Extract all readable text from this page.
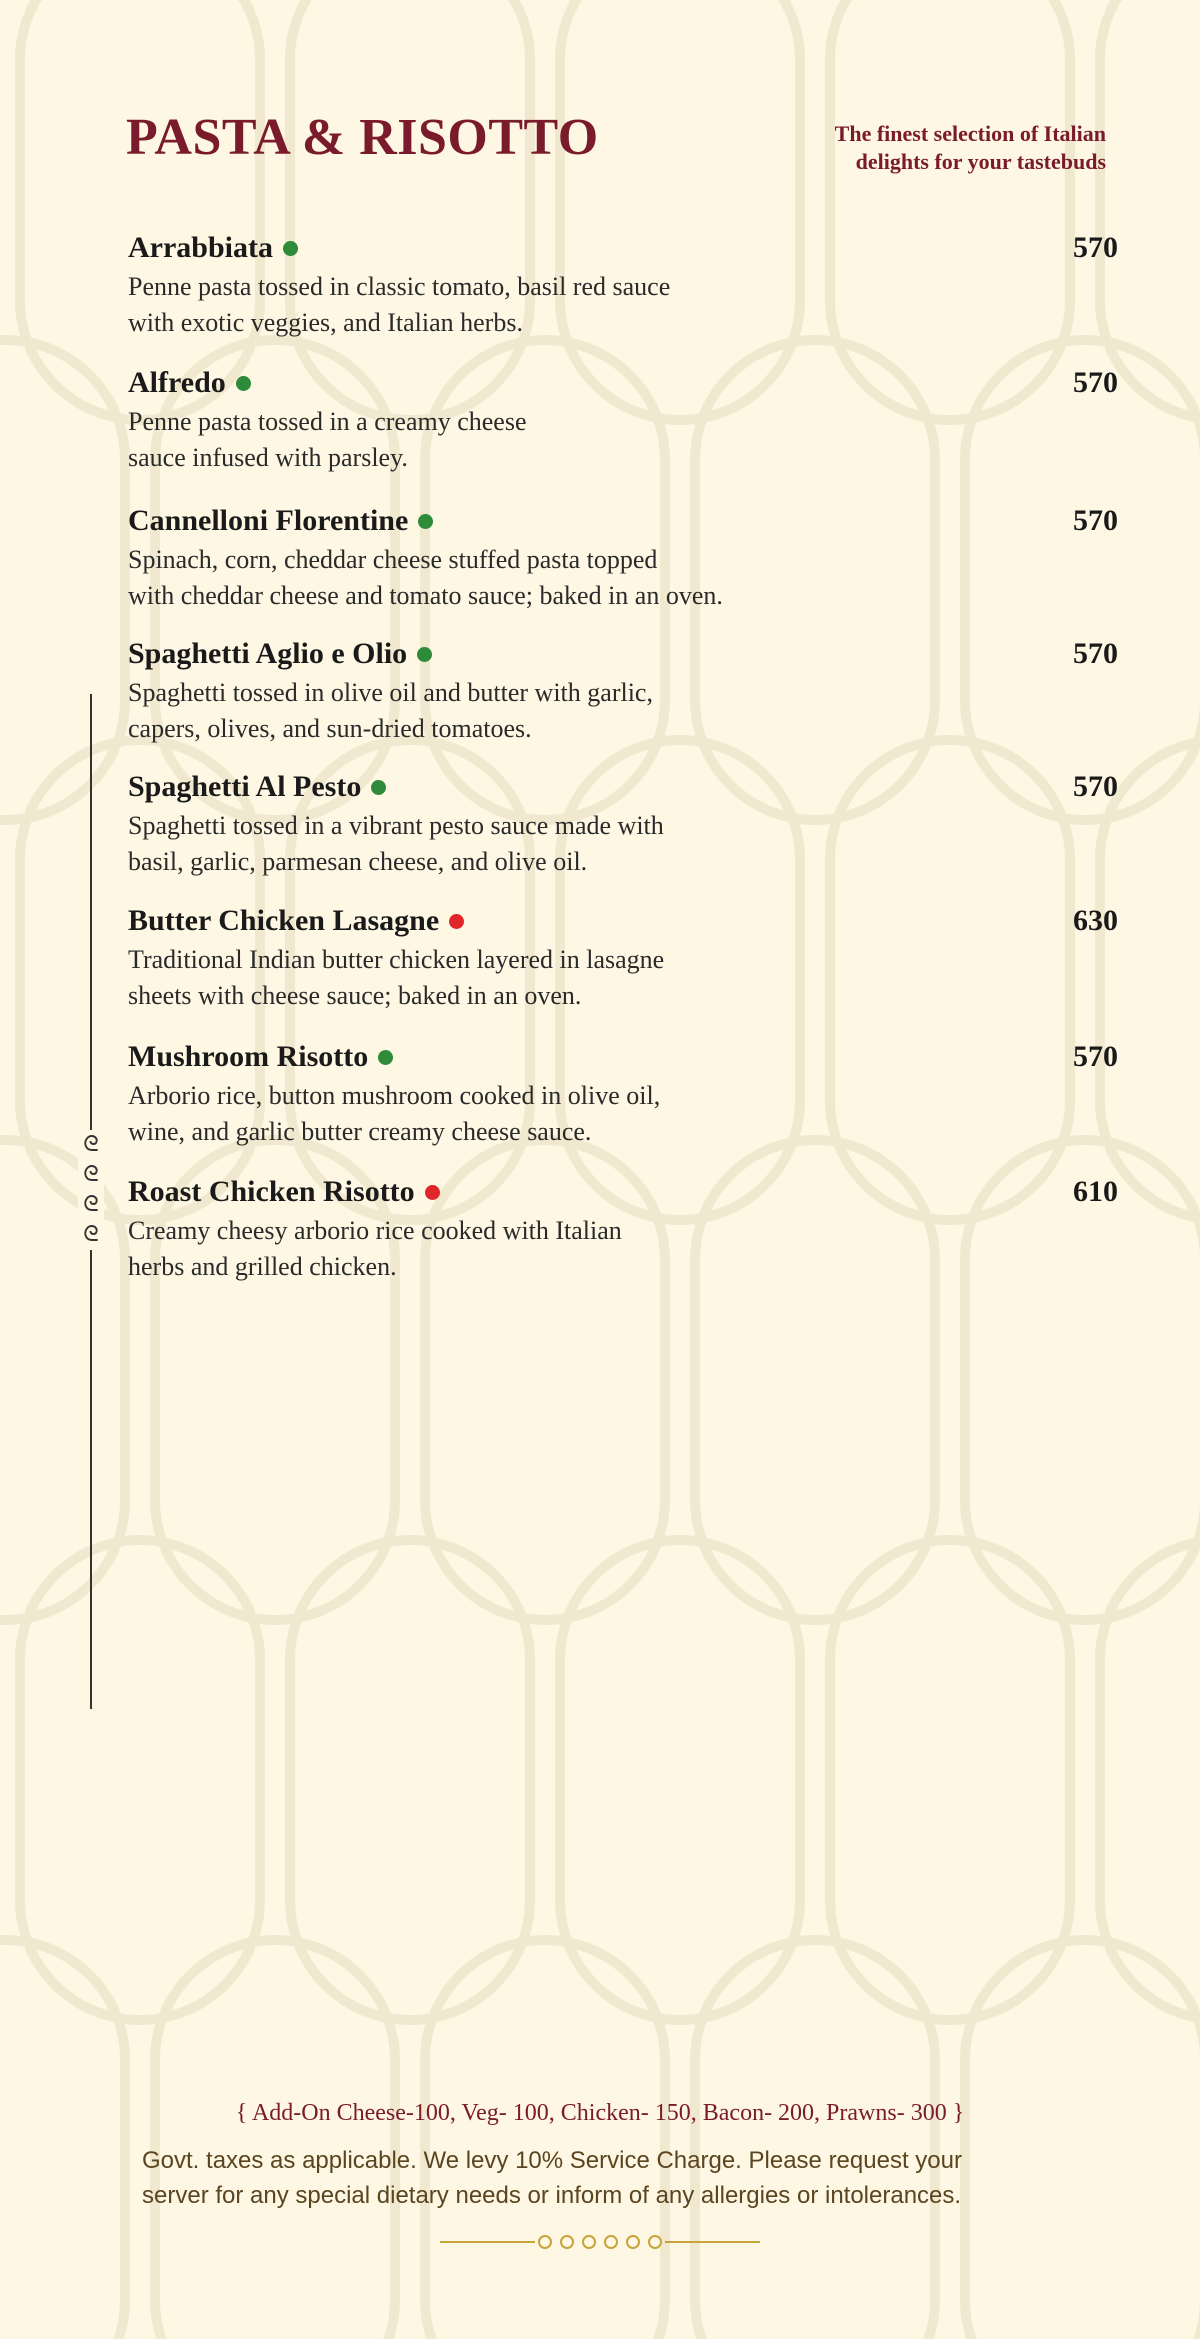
PASTA & RISOTTO	The finest selection of Italian
delights for your tastebuds
ᘓ
ᘓ
ᘓ
ᘓ
Arrabbiata	570
Penne pasta tossed in classic tomato, basil red sauce
with exotic veggies, and Italian herbs.
Alfredo	570
Penne pasta tossed in a creamy cheese
sauce infused with parsley.
Cannelloni Florentine	570
Spinach, corn, cheddar cheese stuffed pasta topped
with cheddar cheese and tomato sauce; baked in an oven.
Spaghetti Aglio e Olio	570
Spaghetti tossed in olive oil and butter with garlic,
capers, olives, and sun-dried tomatoes.
Spaghetti Al Pesto	570
Spaghetti tossed in a vibrant pesto sauce made with
basil, garlic, parmesan cheese, and olive oil.
Butter Chicken Lasagne	630
Traditional Indian butter chicken layered in lasagne
sheets with cheese sauce; baked in an oven.
Mushroom Risotto	570
Arborio rice, button mushroom cooked in olive oil,
wine, and garlic butter creamy cheese sauce.
Roast Chicken Risotto	610
Creamy cheesy arborio rice cooked with Italian
herbs and grilled chicken.
{ Add-On Cheese-100, Veg- 100, Chicken- 150, Bacon- 200, Prawns- 300 }
Govt. taxes as applicable. We levy 10% Service Charge. Please request your
server for any special dietary needs or inform of any allergies or intolerances.
